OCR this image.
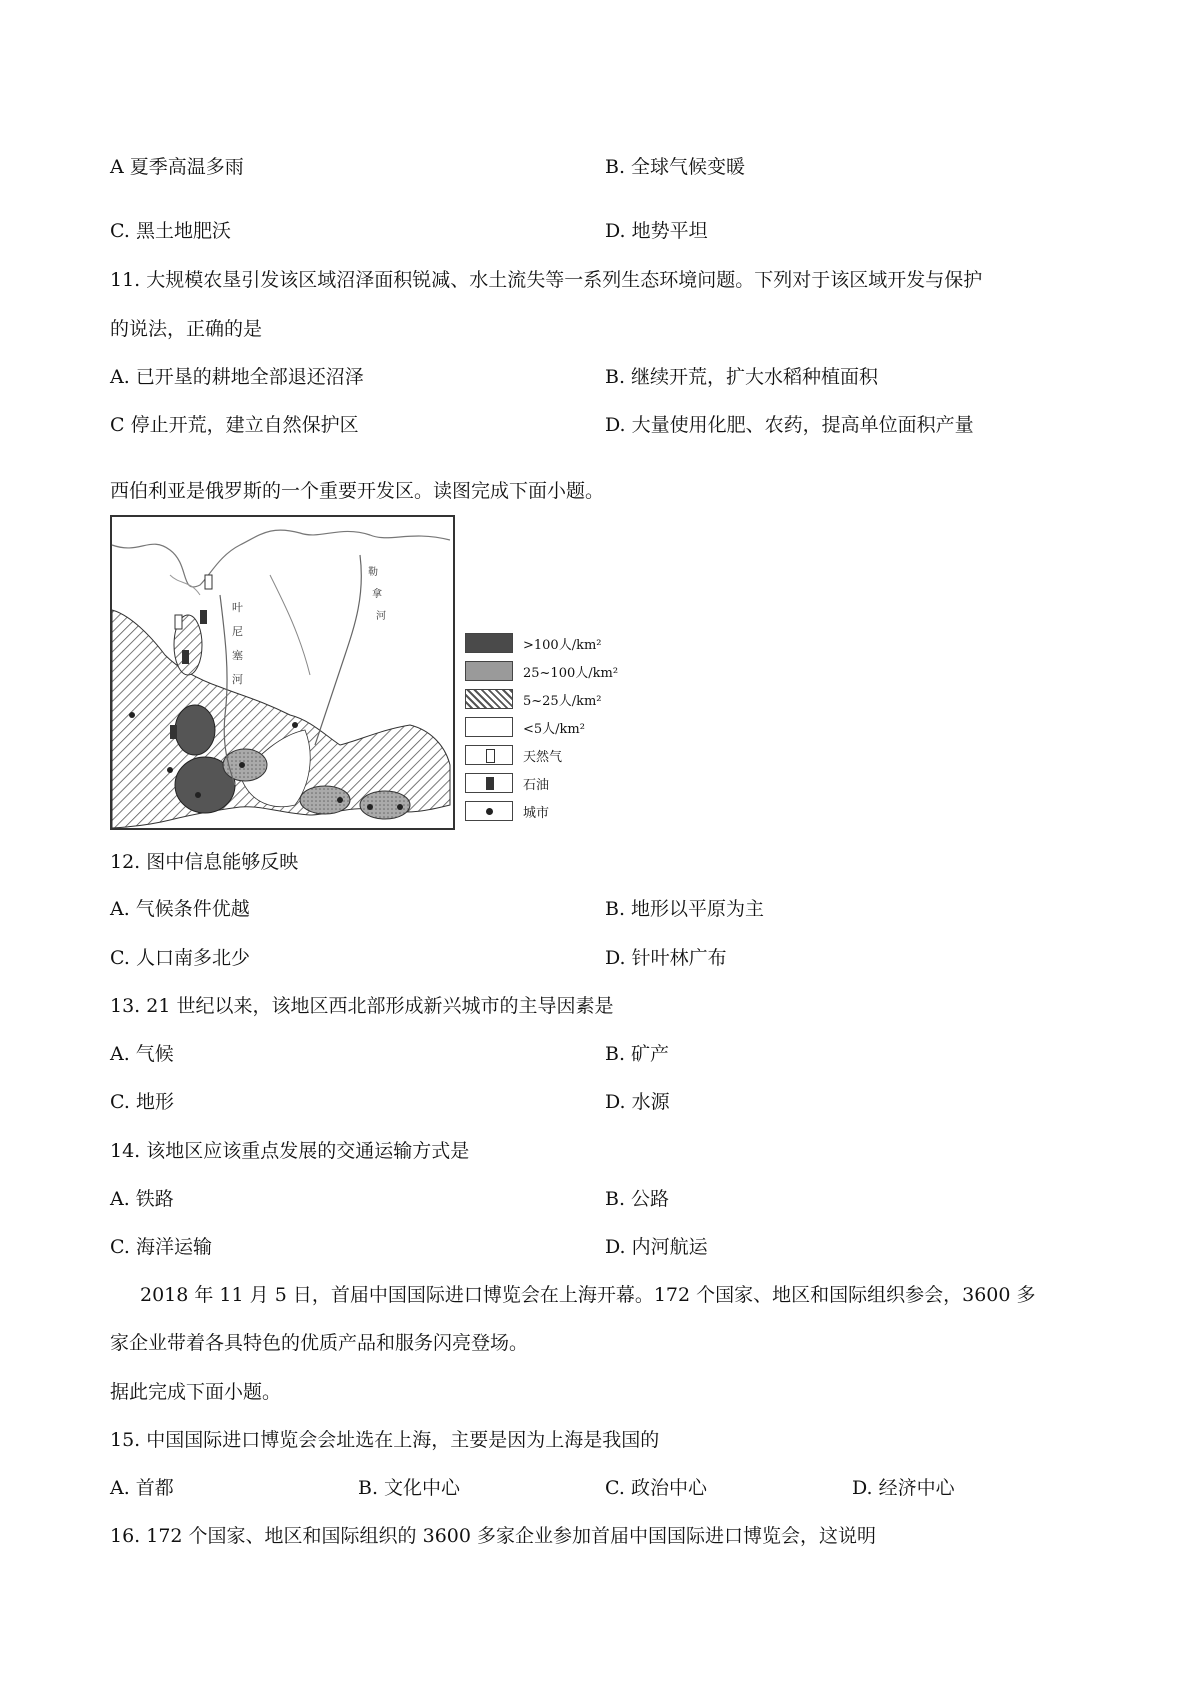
A 夏季高温多雨	B. 全球气候变暖
C. 黑土地肥沃	D. 地势平坦
11. 大规模农垦引发该区域沼泽面积锐减、水土流失等一系列生态环境问题。下列对于该区域开发与保护
的说法，正确的是
A. 已开垦的耕地全部退还沼泽	B. 继续开荒，扩大水稻种植面积
C 停止开荒，建立自然保护区	D. 大量使用化肥、农药，提高单位面积产量
西伯利亚是俄罗斯的一个重要开发区。读图完成下面小题。
叶
尼
塞
河
勒
拿
河
>100人/km²
25~100人/km²
5~25人/km²
<5人/km²
天然气
石油
城市
12. 图中信息能够反映
A. 气候条件优越	B. 地形以平原为主
C. 人口南多北少	D. 针叶林广布
13. 21 世纪以来，该地区西北部形成新兴城市的主导因素是
A. 气候	B. 矿产
C. 地形	D. 水源
14. 该地区应该重点发展的交通运输方式是
A. 铁路	B. 公路
C. 海洋运输	D. 内河航运
2018 年 11 月 5 日，首届中国国际进口博览会在上海开幕。172 个国家、地区和国际组织参会，3600 多
家企业带着各具特色的优质产品和服务闪亮登场。
据此完成下面小题。
15. 中国国际进口博览会会址选在上海，主要是因为上海是我国的
A. 首都	B. 文化中心	C. 政治中心	D. 经济中心
16. 172 个国家、地区和国际组织的 3600 多家企业参加首届中国国际进口博览会，这说明
